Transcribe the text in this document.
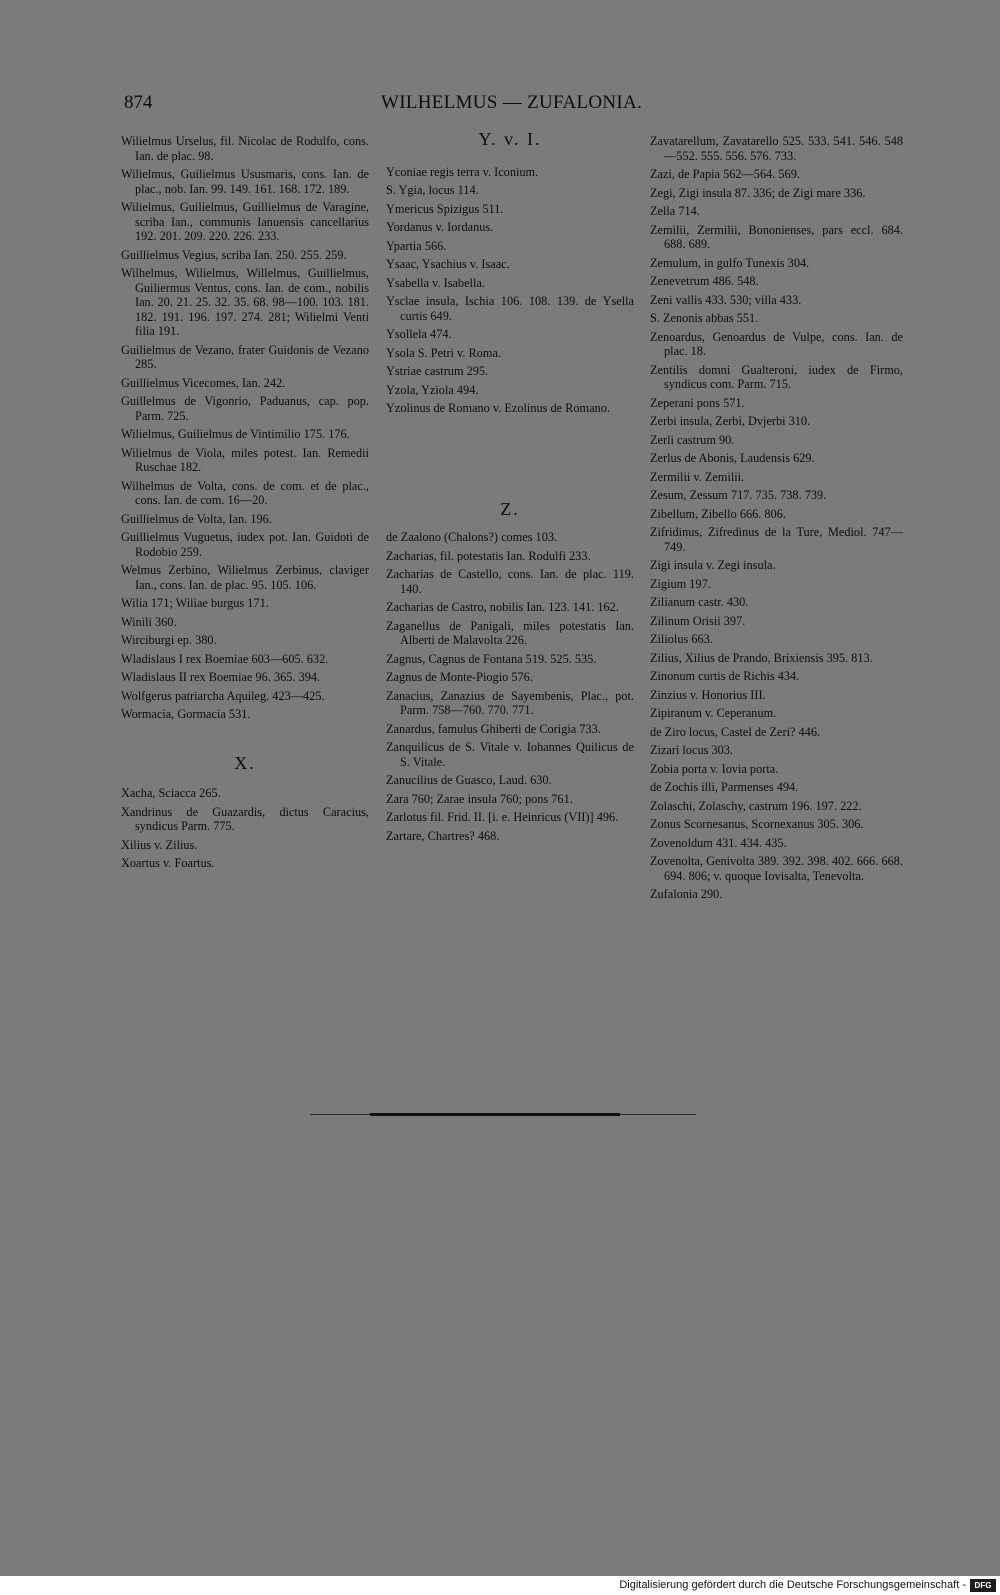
874	WILHELMUS — ZUFALONIA.
Wilielmus Urselus, fil. Nicolac de Rodulfo, cons. Ian. de plac. 98.
Wilielmus, Guilielmus Ususmaris, cons. Ian. de plac., nob. Ian. 99. 149. 161. 168. 172. 189.
Wilielmus, Guilielmus, Guillielmus de Varagine, scriba Ian., communis Ianuensis cancellarius 192. 201. 209. 220. 226. 233.
Guillielmus Vegius, scriba Ian. 250. 255. 259.
Wilhelmus, Wilielmus, Willelmus, Guillielmus, Guiliermus Ventus, cons. Ian. de com., nobilis Ian. 20. 21. 25. 32. 35. 68. 98—100. 103. 181. 182. 191. 196. 197. 274. 281; Wilielmi Venti filia 191.
Guilielmus de Vezano, frater Guidonis de Vezano 285.
Guillielmus Vicecomes, Ian. 242.
Guillelmus de Vigonrio, Paduanus, cap. pop. Parm. 725.
Wilielmus, Guilielmus de Vintimilio 175. 176.
Wilielmus de Viola, miles potest. Ian. Remedii Ruschae 182.
Wilhelmus de Volta, cons. de com. et de plac., cons. Ian. de com. 16—20.
Guillielmus de Volta, Ian. 196.
Guillielmus Vuguetus, iudex pot. Ian. Guidoti de Rodobio 259.
Welmus Zerbino, Wilielmus Zerbinus, claviger Ian., cons. Ian. de plac. 95. 105. 106.
Wilia 171; Wiliae burgus 171.
Winili 360.
Wirciburgi ep. 380.
Wladislaus I rex Boemiae 603—605. 632.
Wladislaus II rex Boemiae 96. 365. 394.
Wolfgerus patriarcha Aquileg. 423—425.
Wormacia, Gormacia 531.
X.
Xacha, Sciacca 265.
Xandrinus de Guazardis, dictus Caracius, syndicus Parm. 775.
Xilius v. Zilius.
Xoartus v. Foartus.
Y. v. I.
Yconiae regis terra v. Iconium.
S. Ygia, locus 114.
Ymericus Spizigus 511.
Yordanus v. Iordanus.
Ypartia 566.
Ysaac, Ysachius v. Isaac.
Ysabella v. Isabella.
Ysclae insula, Ischia 106. 108. 139. de Ysella curtis 649.
Ysollela 474.
Ysola S. Petri v. Roma.
Ystriae castrum 295.
Yzola, Yziola 494.
Yzolinus de Romano v. Ezolinus de Romano.
Z.
de Zaalono (Chalons?) comes 103.
Zacharias, fil. potestatis Ian. Rodulfi 233.
Zacharias de Castello, cons. Ian. de plac. 119. 140.
Zacharias de Castro, nobilis Ian. 123. 141. 162.
Zaganellus de Panigali, miles potestatis Ian. Alberti de Malavolta 226.
Zagnus, Cagnus de Fontana 519. 525. 535.
Zagnus de Monte-Piogio 576.
Zanacius, Zanazius de Sayembenis, Plac., pot. Parm. 758—760. 770. 771.
Zanardus, famulus Ghiberti de Corigia 733.
Zanquilicus de S. Vitale v. Iohannes Quilicus de S. Vitale.
Zanucilius de Guasco, Laud. 630.
Zara 760; Zarae insula 760; pons 761.
Zarlotus fil. Frid. II. [i. e. Heinricus (VII)] 496.
Zartare, Chartres? 468.
Zavatarellum, Zavatarello 525. 533. 541. 546. 548—552. 555. 556. 576. 733.
Zazi, de Papia 562—564. 569.
Zegi, Zigi insula 87. 336; de Zigi mare 336.
Zella 714.
Zemilii, Zermilii, Bononienses, pars eccl. 684. 688. 689.
Zemulum, in gulfo Tunexis 304.
Zenevetrum 486. 548.
Zeni vallis 433. 530; villa 433.
S. Zenonis abbas 551.
Zenoardus, Genoardus de Vulpe, cons. Ian. de plac. 18.
Zentilis domni Gualteroni, iudex de Firmo, syndicus com. Parm. 715.
Zeperani pons 571.
Zerbi insula, Zerbi, Dvjerbi 310.
Zerli castrum 90.
Zerlus de Abonis, Laudensis 629.
Zermilii v. Zemilii.
Zesum, Zessum 717. 735. 738. 739.
Zibellum, Zibello 666. 806.
Zifridinus, Zifredinus de la Ture, Mediol. 747—749.
Zigi insula v. Zegi insula.
Zigium 197.
Zilianum castr. 430.
Zilinum Orisii 397.
Ziliolus 663.
Zilius, Xilius de Prando, Brixiensis 395. 813.
Zinonum curtis de Richis 434.
Zinzius v. Honorius III.
Zipiranum v. Ceperanum.
de Ziro locus, Castel de Zeri? 446.
Zizari locus 303.
Zobia porta v. Iovia porta.
de Zochis illi, Parmenses 494.
Zolaschi, Zolaschy, castrum 196. 197. 222.
Zonus Scornesanus, Scornexanus 305. 306.
Zovenoldum 431. 434. 435.
Zovenolta, Genivolta 389. 392. 398. 402. 666. 668. 694. 806; v. quoque Iovisalta, Tenevolta.
Zufalonia 290.
Digitalisierung gefördert durch die Deutsche Forschungsgemeinschaft -	DFG
